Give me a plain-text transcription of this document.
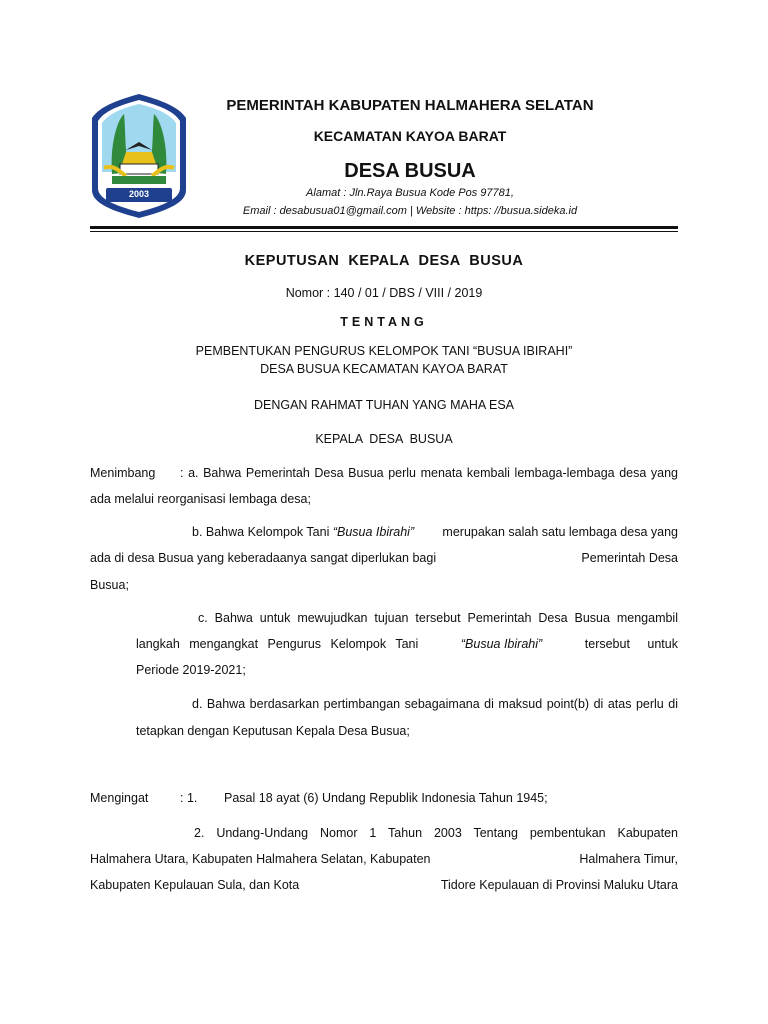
2003
PEMERINTAH KABUPATEN HALMAHERA SELATAN
KECAMATAN KAYOA BARAT
DESA BUSUA
Alamat : Jln.Raya Busua Kode Pos 97781,
Email : desabusua01@gmail.com | Website : https: //busua.sideka.id
KEPUTUSAN  KEPALA  DESA  BUSUA
Nomor : 140 / 01 / DBS / VIII / 2019
TENTANG
PEMBENTUKAN PENGURUS KELOMPOK TANI “BUSUA IBIRAHI”
DESA BUSUA KECAMATAN KAYOA BARAT
DENGAN RAHMAT TUHAN YANG MAHA ESA
KEPALA  DESA  BUSUA
Menimbang : a. Bahwa Pemerintah Desa Busua perlu menata kembali lembaga-lembaga desa yang
ada melalui reorganisasi lembaga desa;
b. Bahwa Kelompok Tani “Busua Ibirahi” merupakan salah satu lembaga desa yang
ada di desa Busua yang keberadaanya sangat diperlukan bagi	Pemerintah Desa
Busua;
c. Bahwa untuk mewujudkan tujuan tersebut Pemerintah Desa Busua mengambil
langkah mengangkat Pengurus Kelompok Tani	“Busua Ibirahi”	tersebut untuk
Periode 2019-2021;
d. Bahwa berdasarkan pertimbangan sebagaimana di maksud point(b) di atas perlu di
tetapkan dengan Keputusan Kepala Desa Busua;
Mengingat	: 1. Pasal 18 ayat (6) Undang Republik Indonesia Tahun 1945;
2. Undang-Undang Nomor 1 Tahun 2003 Tentang pembentukan Kabupaten
Halmahera Utara, Kabupaten Halmahera Selatan, Kabupaten	Halmahera Timur,
Kabupaten Kepulauan Sula, dan Kota	Tidore Kepulauan di Provinsi Maluku Utara
